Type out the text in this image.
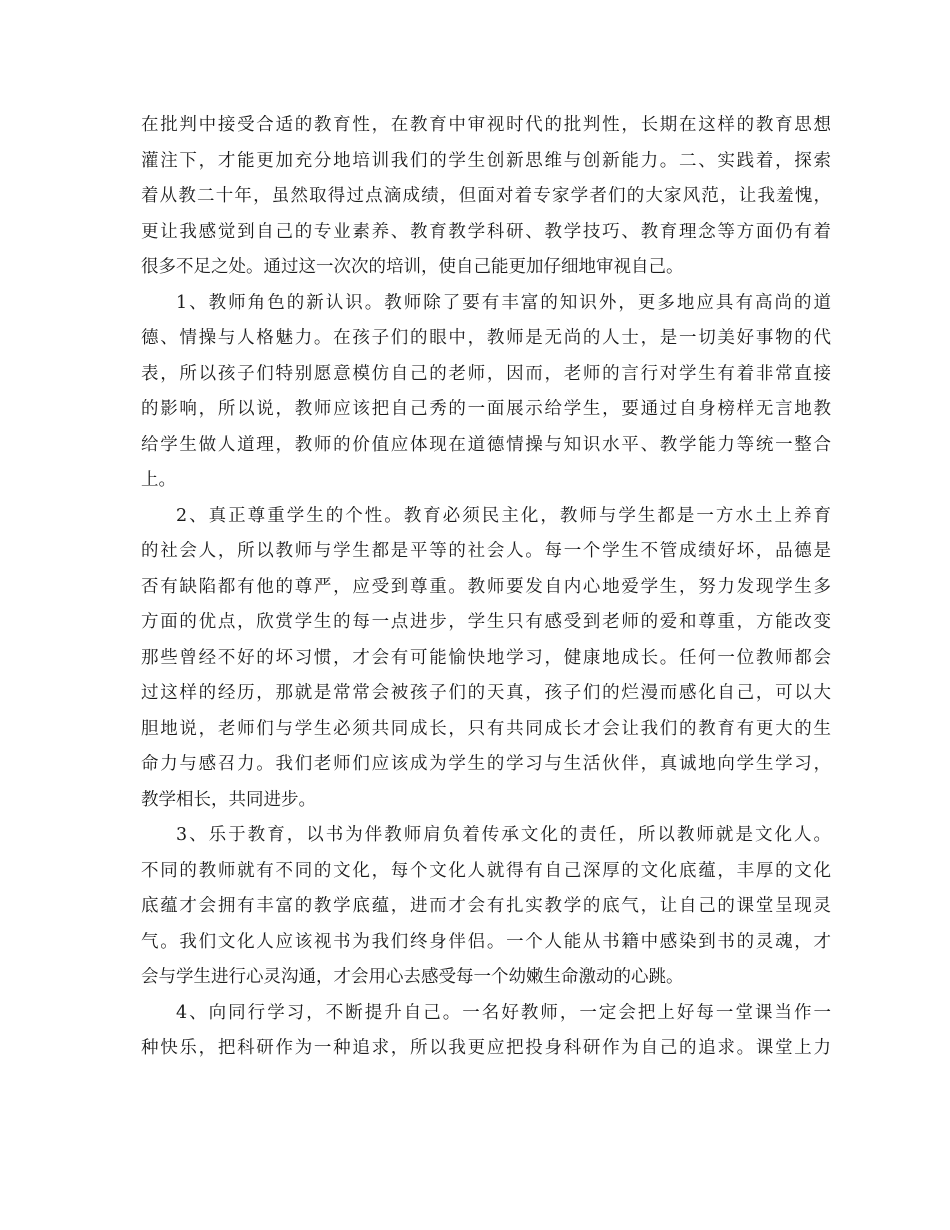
在批判中接受合适的教育性，在教育中审视时代的批判性，长期在这样的教育思想

灌注下，才能更加充分地培训我们的学生创新思维与创新能力。二、实践着，探索

着从教二十年，虽然取得过点滴成绩，但面对着专家学者们的大家风范，让我羞愧，

更让我感觉到自己的专业素养、教育教学科研、教学技巧、教育理念等方面仍有着

很多不足之处。通过这一次次的培训，使自己能更加仔细地审视自己。

1、教师角色的新认识。教师除了要有丰富的知识外，更多地应具有高尚的道

德、情操与人格魅力。在孩子们的眼中，教师是无尚的人士，是一切美好事物的代

表，所以孩子们特别愿意模仿自己的老师，因而，老师的言行对学生有着非常直接

的影响，所以说，教师应该把自己秀的一面展示给学生，要通过自身榜样无言地教

给学生做人道理，教师的价值应体现在道德情操与知识水平、教学能力等统一整合

上。

2、真正尊重学生的个性。教育必须民主化，教师与学生都是一方水土上养育

的社会人，所以教师与学生都是平等的社会人。每一个学生不管成绩好坏，品德是

否有缺陷都有他的尊严，应受到尊重。教师要发自内心地爱学生，努力发现学生多

方面的优点，欣赏学生的每一点进步，学生只有感受到老师的爱和尊重，方能改变

那些曾经不好的坏习惯，才会有可能愉快地学习，健康地成长。任何一位教师都会

过这样的经历，那就是常常会被孩子们的天真，孩子们的烂漫而感化自己，可以大

胆地说，老师们与学生必须共同成长，只有共同成长才会让我们的教育有更大的生

命力与感召力。我们老师们应该成为学生的学习与生活伙伴，真诚地向学生学习，

教学相长，共同进步。

3、乐于教育，以书为伴教师肩负着传承文化的责任，所以教师就是文化人。

不同的教师就有不同的文化，每个文化人就得有自己深厚的文化底蕴，丰厚的文化

底蕴才会拥有丰富的教学底蕴，进而才会有扎实教学的底气，让自己的课堂呈现灵

气。我们文化人应该视书为我们终身伴侣。一个人能从书籍中感染到书的灵魂，才

会与学生进行心灵沟通，才会用心去感受每一个幼嫩生命激动的心跳。

4、向同行学习，不断提升自己。一名好教师，一定会把上好每一堂课当作一

种快乐，把科研作为一种追求，所以我更应把投身科研作为自己的追求。课堂上力
